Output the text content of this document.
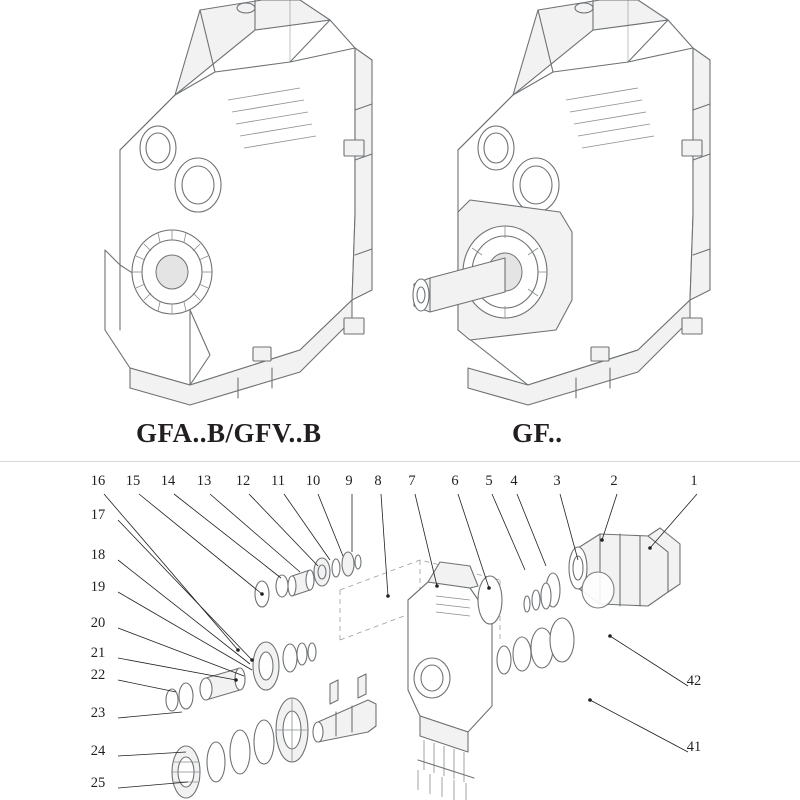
GFA..B/GFV..B	GF..
16 15 14 13 12 11 10	9	8	7	6	5	4	3	2	1
17
18
19
20
21
22
23
24
25
42
41
